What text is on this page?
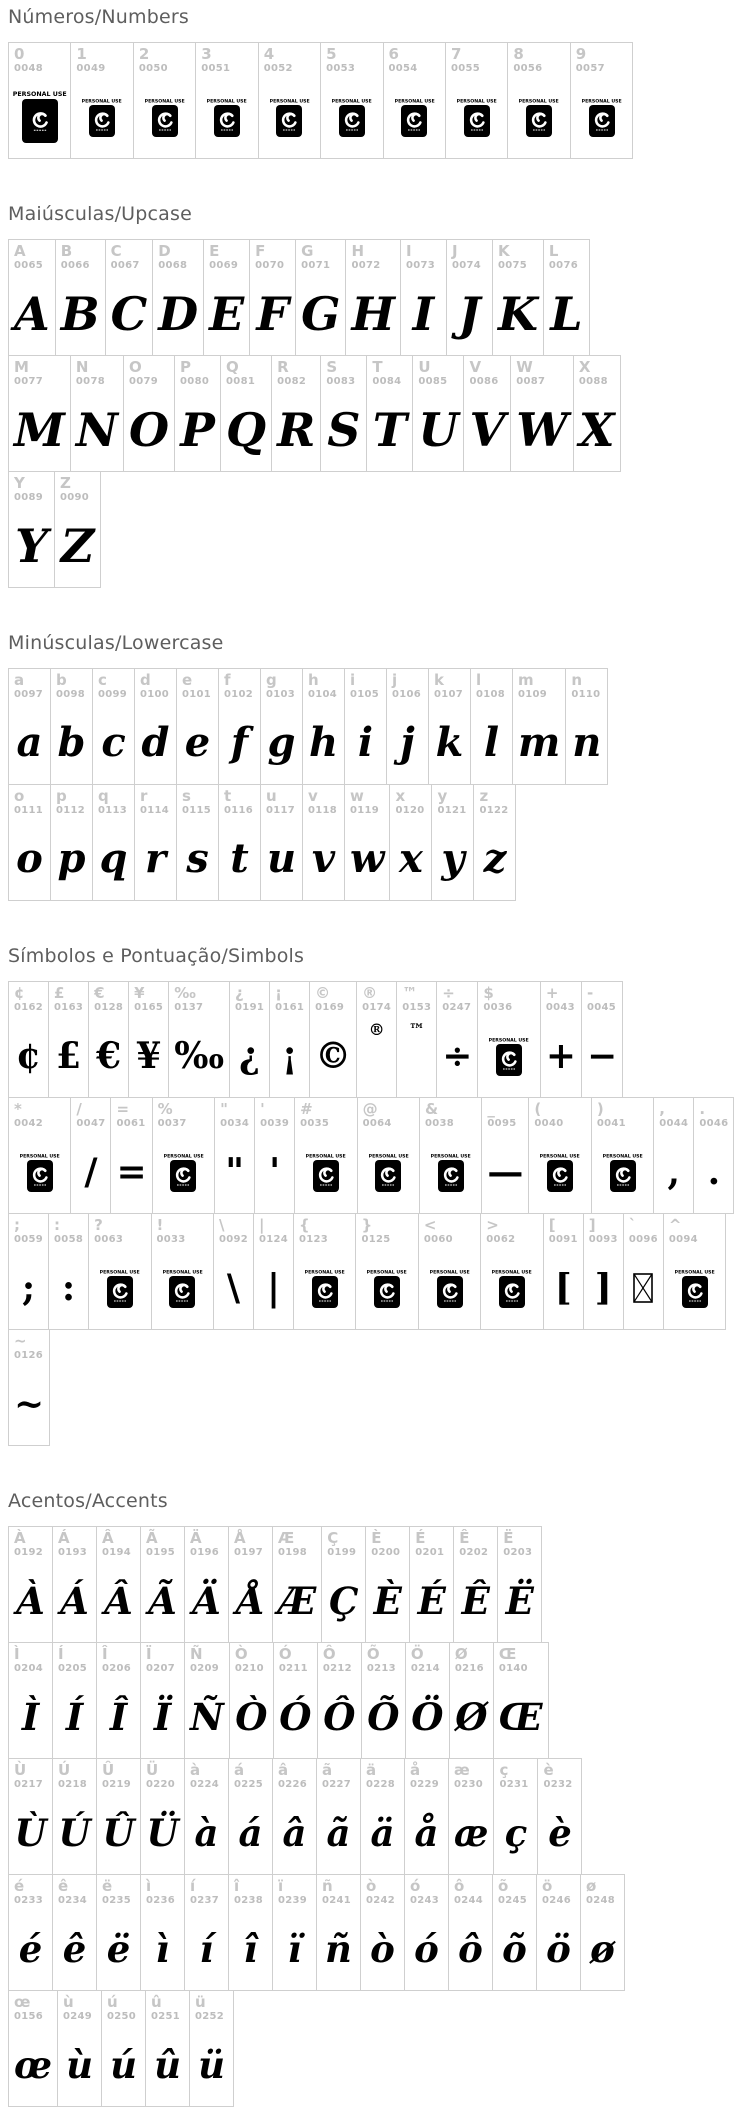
Números/Numbers
0
0048
PERSONAL USE
1
0049
PERSONAL USE
2
0050
PERSONAL USE
3
0051
PERSONAL USE
4
0052
PERSONAL USE
5
0053
PERSONAL USE
6
0054
PERSONAL USE
7
0055
PERSONAL USE
8
0056
PERSONAL USE
9
0057
PERSONAL USE
Maiúsculas/Upcase
A
0065
A
B
0066
B
C
0067
C
D
0068
D
E
0069
E
F
0070
F
G
0071
G
H
0072
H
I
0073
I
J
0074
J
K
0075
K
L
0076
L
M
0077
M
N
0078
N
O
0079
O
P
0080
P
Q
0081
Q
R
0082
R
S
0083
S
T
0084
T
U
0085
U
V
0086
V
W
0087
W
X
0088
X
Y
0089
Y
Z
0090
Z
Minúsculas/Lowercase
a
0097
a
b
0098
b
c
0099
c
d
0100
d
e
0101
e
f
0102
f
g
0103
g
h
0104
h
i
0105
i
j
0106
j
k
0107
k
l
0108
l
m
0109
m
n
0110
n
o
0111
o
p
0112
p
q
0113
q
r
0114
r
s
0115
s
t
0116
t
u
0117
u
v
0118
v
w
0119
w
x
0120
x
y
0121
y
z
0122
z
Símbolos e Pontuação/Simbols
¢
0162
¢
£
0163
£
€
0128
€
¥
0165
¥
‰
0137
‰
¿
0191
¿
¡
0161
¡
©
0169
©
®
0174
®
™
0153
™
÷
0247
÷
$
0036
PERSONAL USE
+
0043
+
-
0045
−
*
0042
PERSONAL USE
/
0047
/
=
0061
=
%
0037
PERSONAL USE
"
0034
"
'
0039
'
#
0035
PERSONAL USE
@
0064
PERSONAL USE
&
0038
PERSONAL USE
_
0095
—
(
0040
PERSONAL USE
)
0041
PERSONAL USE
,
0044
,
.
0046
.
;
0059
;
:
0058
:
?
0063
PERSONAL USE
!
0033
PERSONAL USE
\
0092
\
|
0124
|
{
0123
PERSONAL USE
}
0125
PERSONAL USE
<
0060
PERSONAL USE
>
0062
PERSONAL USE
[
0091
[
]
0093
]
`
0096
^
0094
PERSONAL USE
~
0126
~
Acentos/Accents
À
0192
À
Á
0193
Á
Â
0194
Â
Ã
0195
Ã
Ä
0196
Ä
Å
0197
Å
Æ
0198
Æ
Ç
0199
Ç
È
0200
È
É
0201
É
Ê
0202
Ê
Ë
0203
Ë
Ì
0204
Ì
Í
0205
Í
Î
0206
Î
Ï
0207
Ï
Ñ
0209
Ñ
Ò
0210
Ò
Ó
0211
Ó
Ô
0212
Ô
Õ
0213
Õ
Ö
0214
Ö
Ø
0216
Ø
Œ
0140
Œ
Ù
0217
Ù
Ú
0218
Ú
Û
0219
Û
Ü
0220
Ü
à
0224
à
á
0225
á
â
0226
â
ã
0227
ã
ä
0228
ä
å
0229
å
æ
0230
æ
ç
0231
ç
è
0232
è
é
0233
é
ê
0234
ê
ë
0235
ë
ì
0236
ì
í
0237
í
î
0238
î
ï
0239
ï
ñ
0241
ñ
ò
0242
ò
ó
0243
ó
ô
0244
ô
õ
0245
õ
ö
0246
ö
ø
0248
ø
œ
0156
œ
ù
0249
ù
ú
0250
ú
û
0251
û
ü
0252
ü
